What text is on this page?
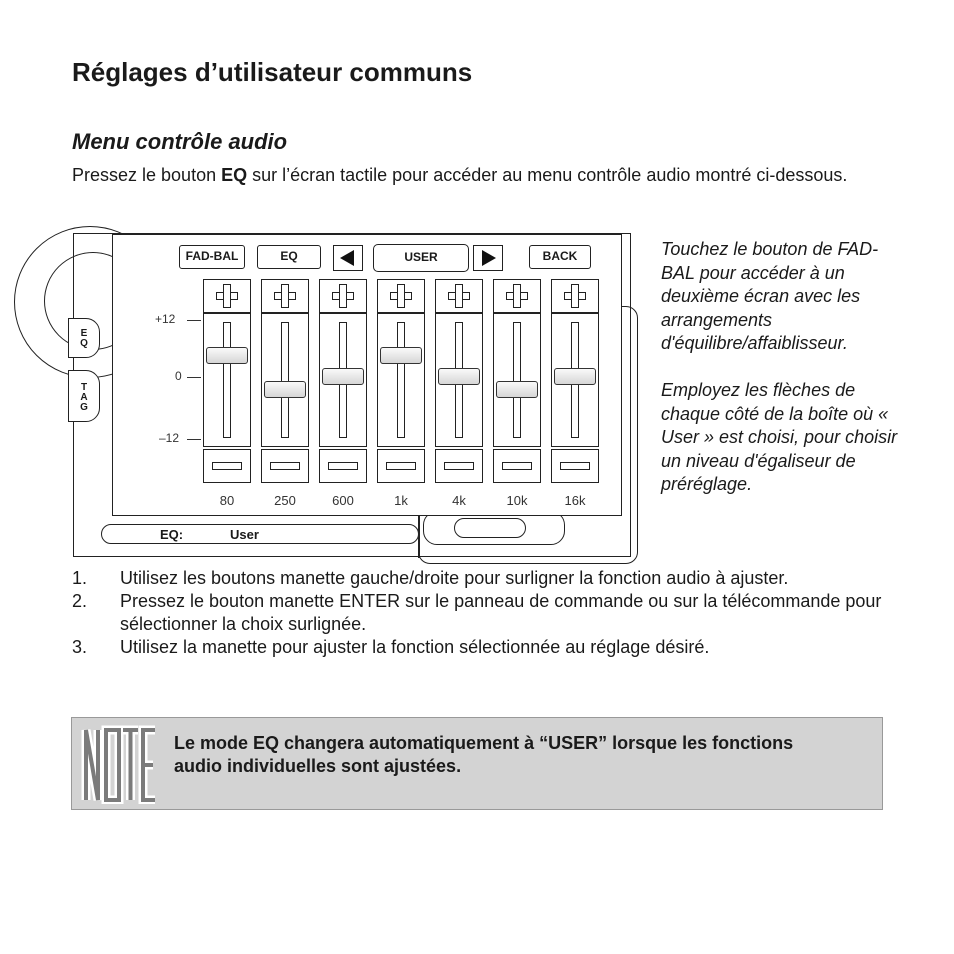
Réglages d’utilisateur communs
Menu contrôle audio

Pressez le bouton EQ sur l’écran tactile pour accéder au menu contrôle audio montré ci-dessous.

E
Q
T
A
G
FAD-BAL	EQ	USER	BACK
+12
0
–12
80	250	600	1k	4k	10k	16k
EQ:	User

Touchez le bouton de FAD-BAL pour accéder à un deuxième écran avec les arrangements d'équilibre/affaiblisseur.

Employez les flèches de chaque côté de la boîte où « User » est choisi, pour choisir un niveau d'égaliseur de préréglage.

1. Utilisez les boutons manette gauche/droite pour surligner la fonction audio à ajuster.
2. Pressez le bouton manette ENTER sur le panneau de commande ou sur la télécommande pour sélectionner la choix surlignée.
3. Utilisez la manette pour ajuster la fonction sélectionnée au réglage désiré.
Le mode EQ changera automatiquement à “USER” lorsque les fonctions audio individuelles sont ajustées.
